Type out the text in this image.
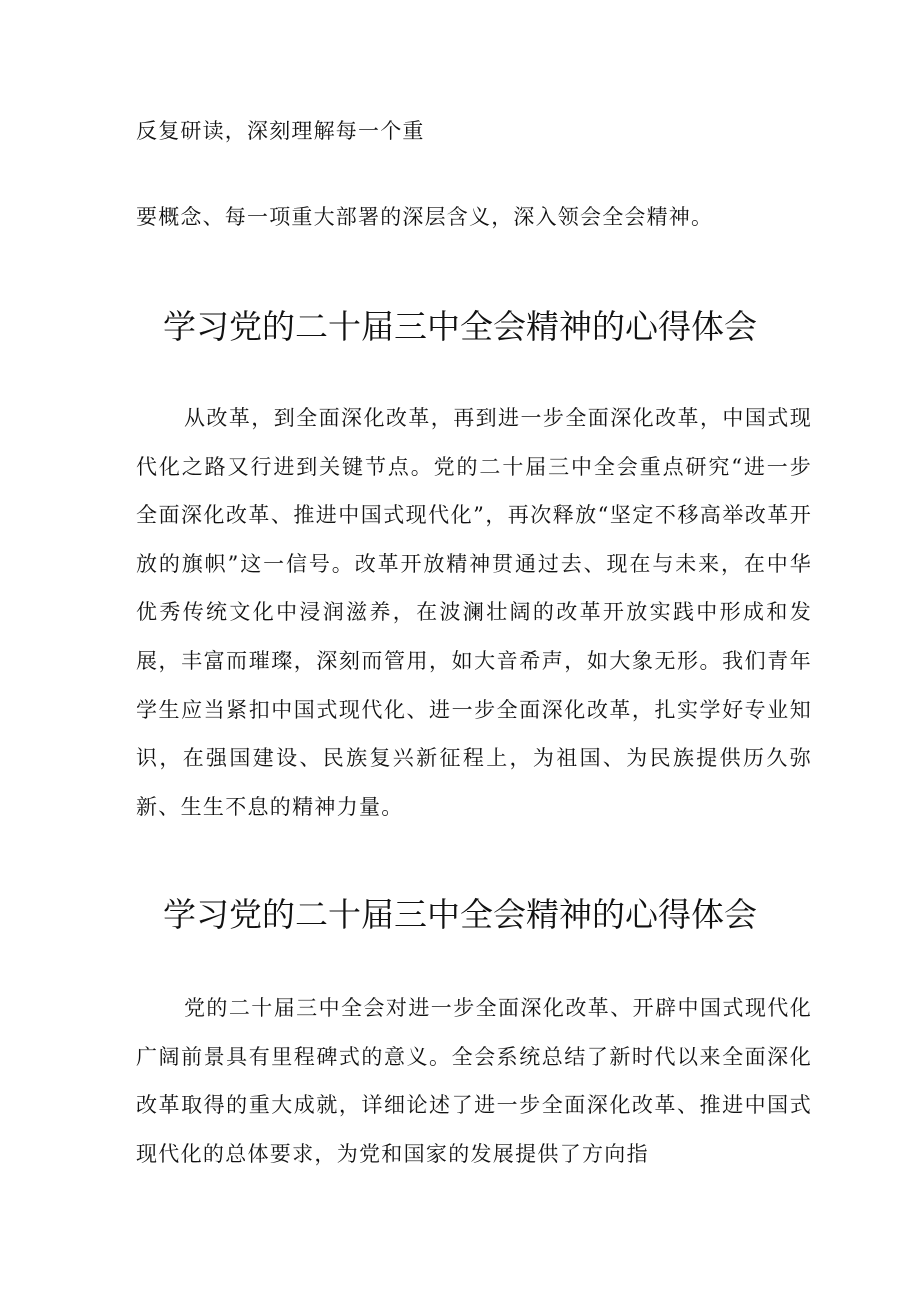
反复研读，深刻理解每一个重
要概念、每一项重大部署的深层含义，深入领会全会精神。
学习党的二十届三中全会精神的心得体会
从改革，到全面深化改革，再到进一步全面深化改革，中国式现代化之路又行进到关键节点。党的二十届三中全会重点研究“进一步全面深化改革、推进中国式现代化”，再次释放“坚定不移高举改革开放的旗帜”这一信号。改革开放精神贯通过去、现在与未来，在中华优秀传统文化中浸润滋养，在波澜壮阔的改革开放实践中形成和发展，丰富而璀璨，深刻而管用，如大音希声，如大象无形。我们青年学生应当紧扣中国式现代化、进一步全面深化改革，扎实学好专业知识，在强国建设、民族复兴新征程上，为祖国、为民族提供历久弥新、生生不息的精神力量。
学习党的二十届三中全会精神的心得体会
党的二十届三中全会对进一步全面深化改革、开辟中国式现代化广阔前景具有里程碑式的意义。全会系统总结了新时代以来全面深化改革取得的重大成就，详细论述了进一步全面深化改革、推进中国式现代化的总体要求，为党和国家的发展提供了方向指
